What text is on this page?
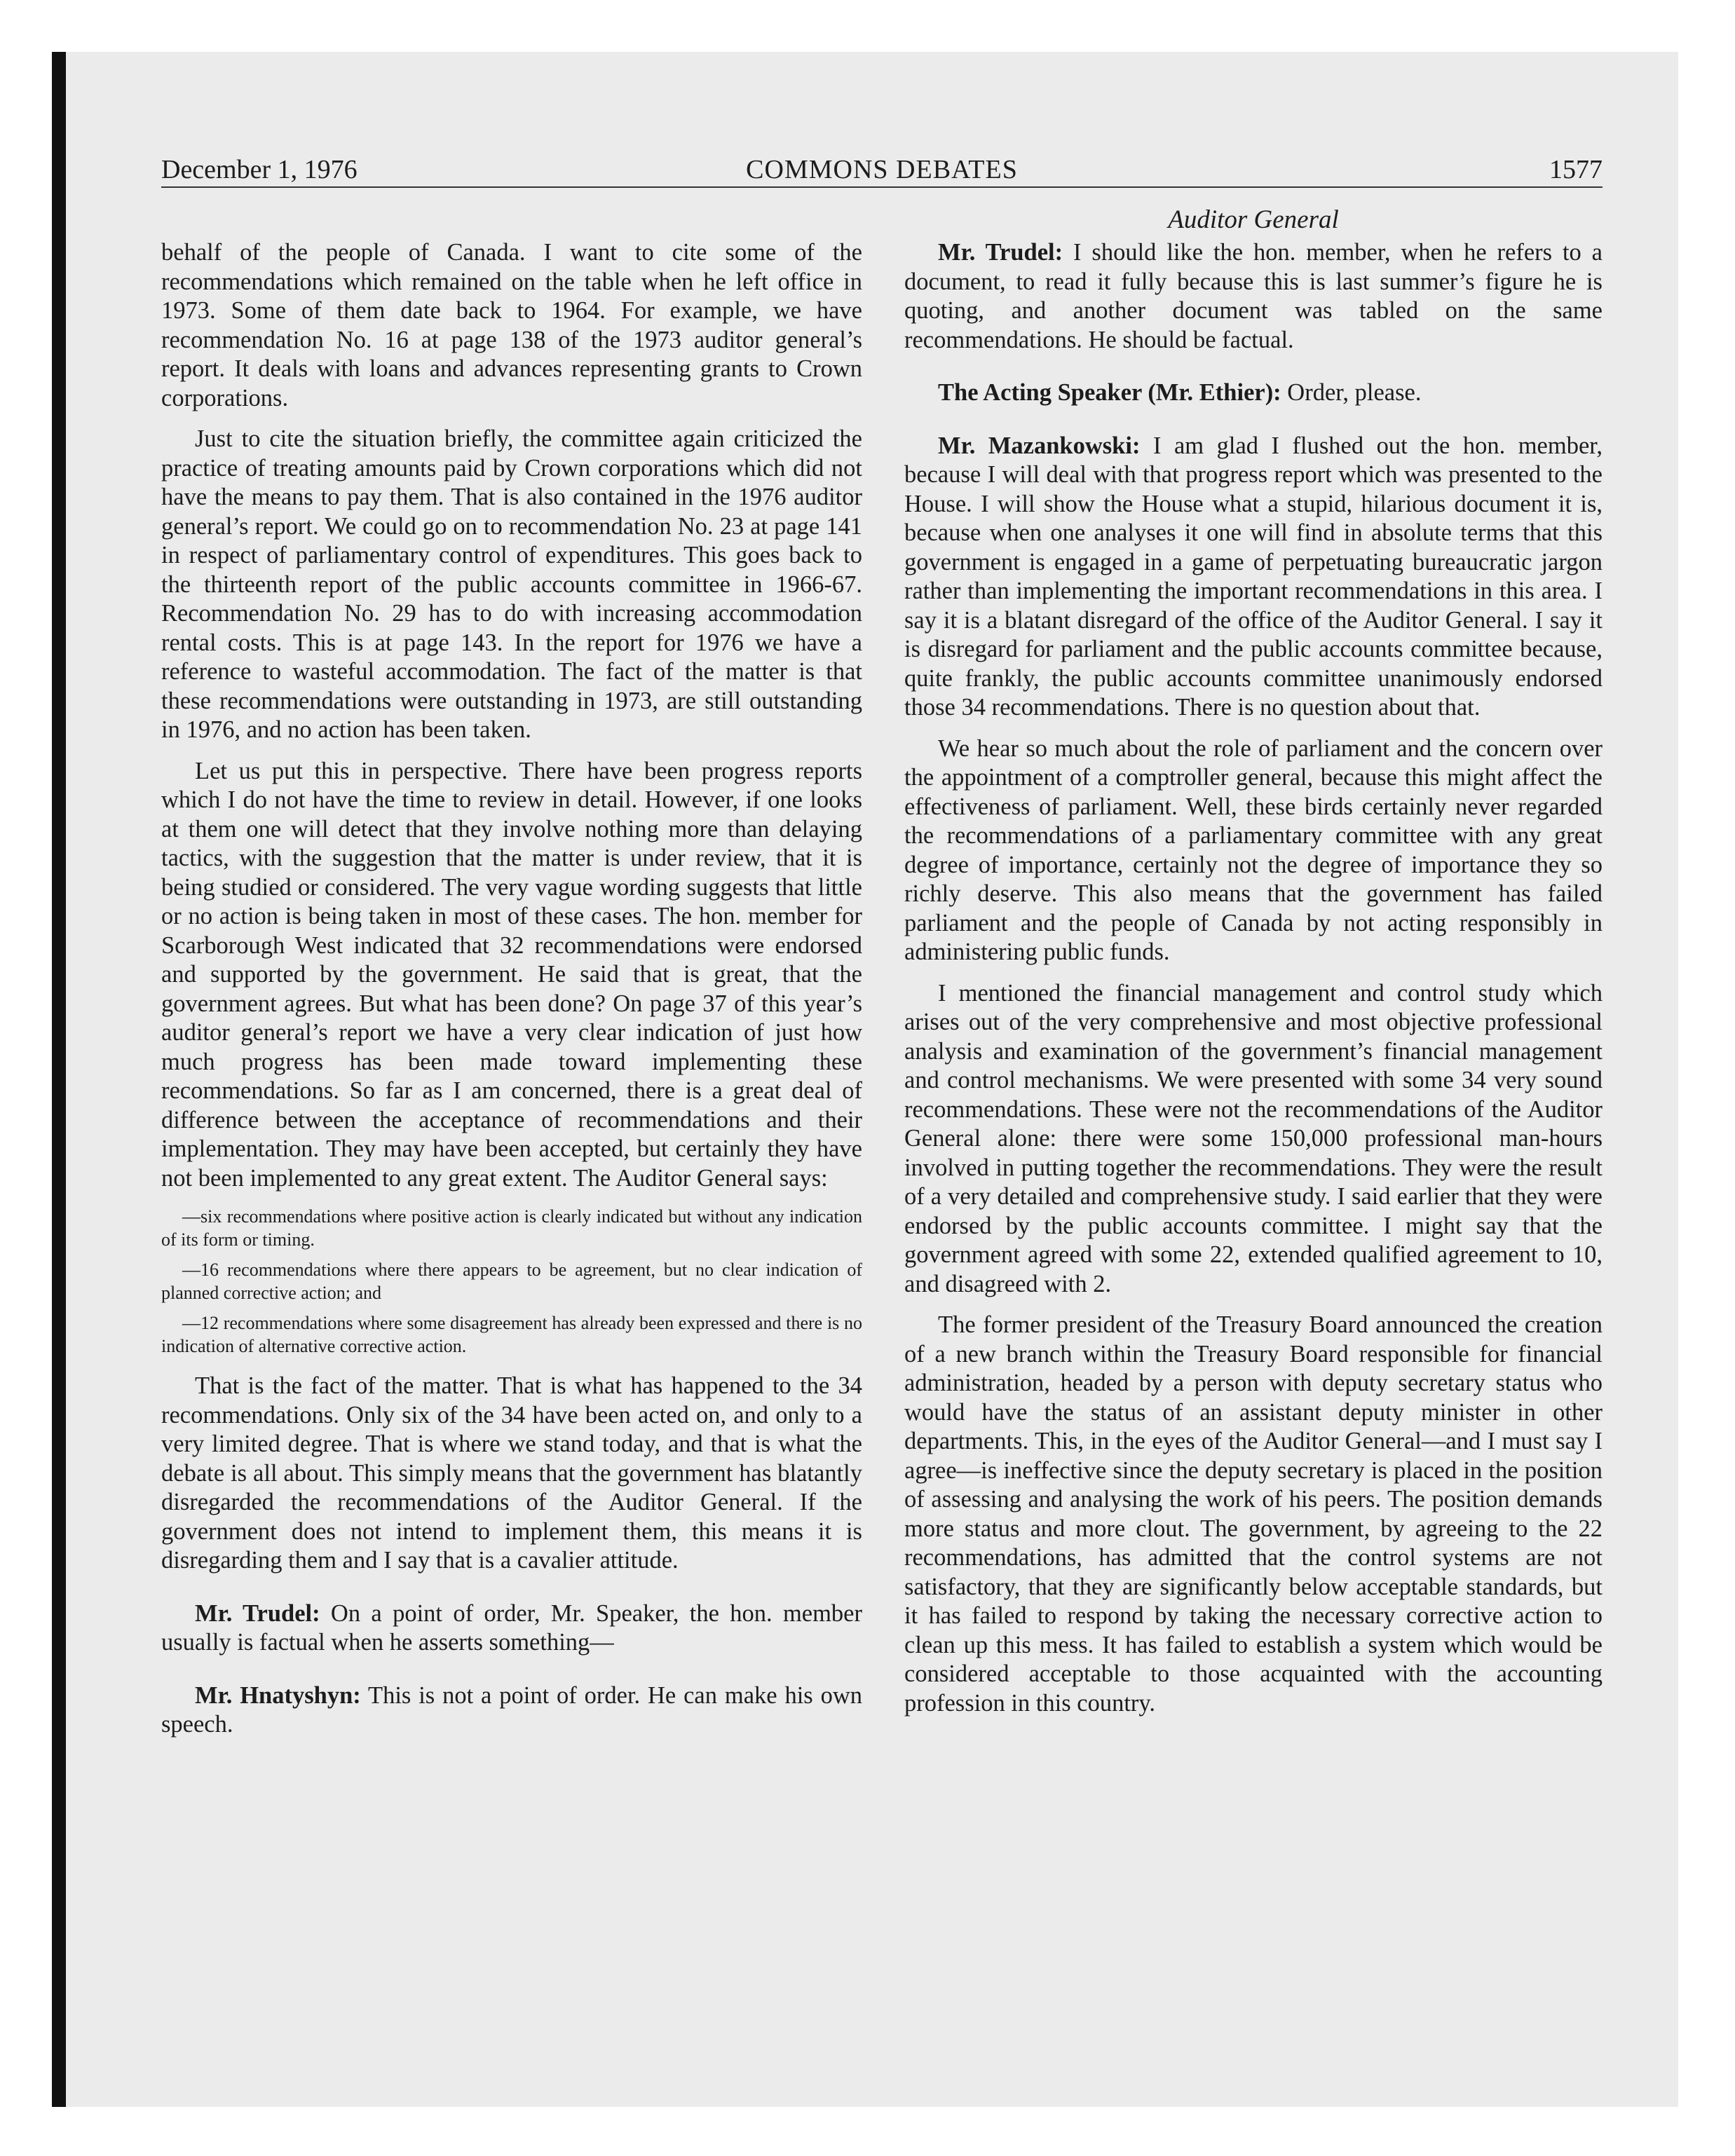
December 1, 1976	COMMONS DEBATES	1577
Auditor General

behalf of the people of Canada. I want to cite some of the recommendations which remained on the table when he left office in 1973. Some of them date back to 1964. For example, we have recommendation No. 16 at page 138 of the 1973 auditor general’s report. It deals with loans and advances representing grants to Crown corporations.

Just to cite the situation briefly, the committee again criticized the practice of treating amounts paid by Crown corporations which did not have the means to pay them. That is also contained in the 1976 auditor general’s report. We could go on to recommendation No. 23 at page 141 in respect of parliamentary control of expenditures. This goes back to the thirteenth report of the public accounts committee in 1966-67. Recommendation No. 29 has to do with increasing accommodation rental costs. This is at page 143. In the report for 1976 we have a reference to wasteful accommodation. The fact of the matter is that these recommendations were outstanding in 1973, are still outstanding in 1976, and no action has been taken.

Let us put this in perspective. There have been progress reports which I do not have the time to review in detail. However, if one looks at them one will detect that they involve nothing more than delaying tactics, with the suggestion that the matter is under review, that it is being studied or considered. The very vague wording suggests that little or no action is being taken in most of these cases. The hon. member for Scarborough West indicated that 32 recommendations were endorsed and supported by the government. He said that is great, that the government agrees. But what has been done? On page 37 of this year’s auditor general’s report we have a very clear indication of just how much progress has been made toward implementing these recommendations. So far as I am concerned, there is a great deal of difference between the acceptance of recommendations and their implementation. They may have been accepted, but certainly they have not been implemented to any great extent. The Auditor General says:

—six recommendations where positive action is clearly indicated but without any indication of its form or timing.

—16 recommendations where there appears to be agreement, but no clear indication of planned corrective action; and

—12 recommendations where some disagreement has already been expressed and there is no indication of alternative corrective action.

That is the fact of the matter. That is what has happened to the 34 recommendations. Only six of the 34 have been acted on, and only to a very limited degree. That is where we stand today, and that is what the debate is all about. This simply means that the government has blatantly disregarded the recommendations of the Auditor General. If the government does not intend to implement them, this means it is disregarding them and I say that is a cavalier attitude.

Mr. Trudel: On a point of order, Mr. Speaker, the hon. member usually is factual when he asserts something—

Mr. Hnatyshyn: This is not a point of order. He can make his own speech.

Mr. Trudel: I should like the hon. member, when he refers to a document, to read it fully because this is last summer’s figure he is quoting, and another document was tabled on the same recommendations. He should be factual.

The Acting Speaker (Mr. Ethier): Order, please.

Mr. Mazankowski: I am glad I flushed out the hon. member, because I will deal with that progress report which was presented to the House. I will show the House what a stupid, hilarious document it is, because when one analyses it one will find in absolute terms that this government is engaged in a game of perpetuating bureaucratic jargon rather than implementing the important recommendations in this area. I say it is a blatant disregard of the office of the Auditor General. I say it is disregard for parliament and the public accounts committee because, quite frankly, the public accounts committee unanimously endorsed those 34 recommendations. There is no question about that.

We hear so much about the role of parliament and the concern over the appointment of a comptroller general, because this might affect the effectiveness of parliament. Well, these birds certainly never regarded the recommendations of a parliamentary committee with any great degree of importance, certainly not the degree of importance they so richly deserve. This also means that the government has failed parliament and the people of Canada by not acting responsibly in administering public funds.

I mentioned the financial management and control study which arises out of the very comprehensive and most objective professional analysis and examination of the government’s financial management and control mechanisms. We were presented with some 34 very sound recommendations. These were not the recommendations of the Auditor General alone: there were some 150,000 professional man-hours involved in putting together the recommendations. They were the result of a very detailed and comprehensive study. I said earlier that they were endorsed by the public accounts committee. I might say that the government agreed with some 22, extended qualified agreement to 10, and disagreed with 2.

The former president of the Treasury Board announced the creation of a new branch within the Treasury Board responsible for financial administration, headed by a person with deputy secretary status who would have the status of an assistant deputy minister in other departments. This, in the eyes of the Auditor General—and I must say I agree—is ineffective since the deputy secretary is placed in the position of assessing and analysing the work of his peers. The position demands more status and more clout. The government, by agreeing to the 22 recommendations, has admitted that the control systems are not satisfactory, that they are significantly below acceptable standards, but it has failed to respond by taking the necessary corrective action to clean up this mess. It has failed to establish a system which would be considered acceptable to those acquainted with the accounting profession in this country.
